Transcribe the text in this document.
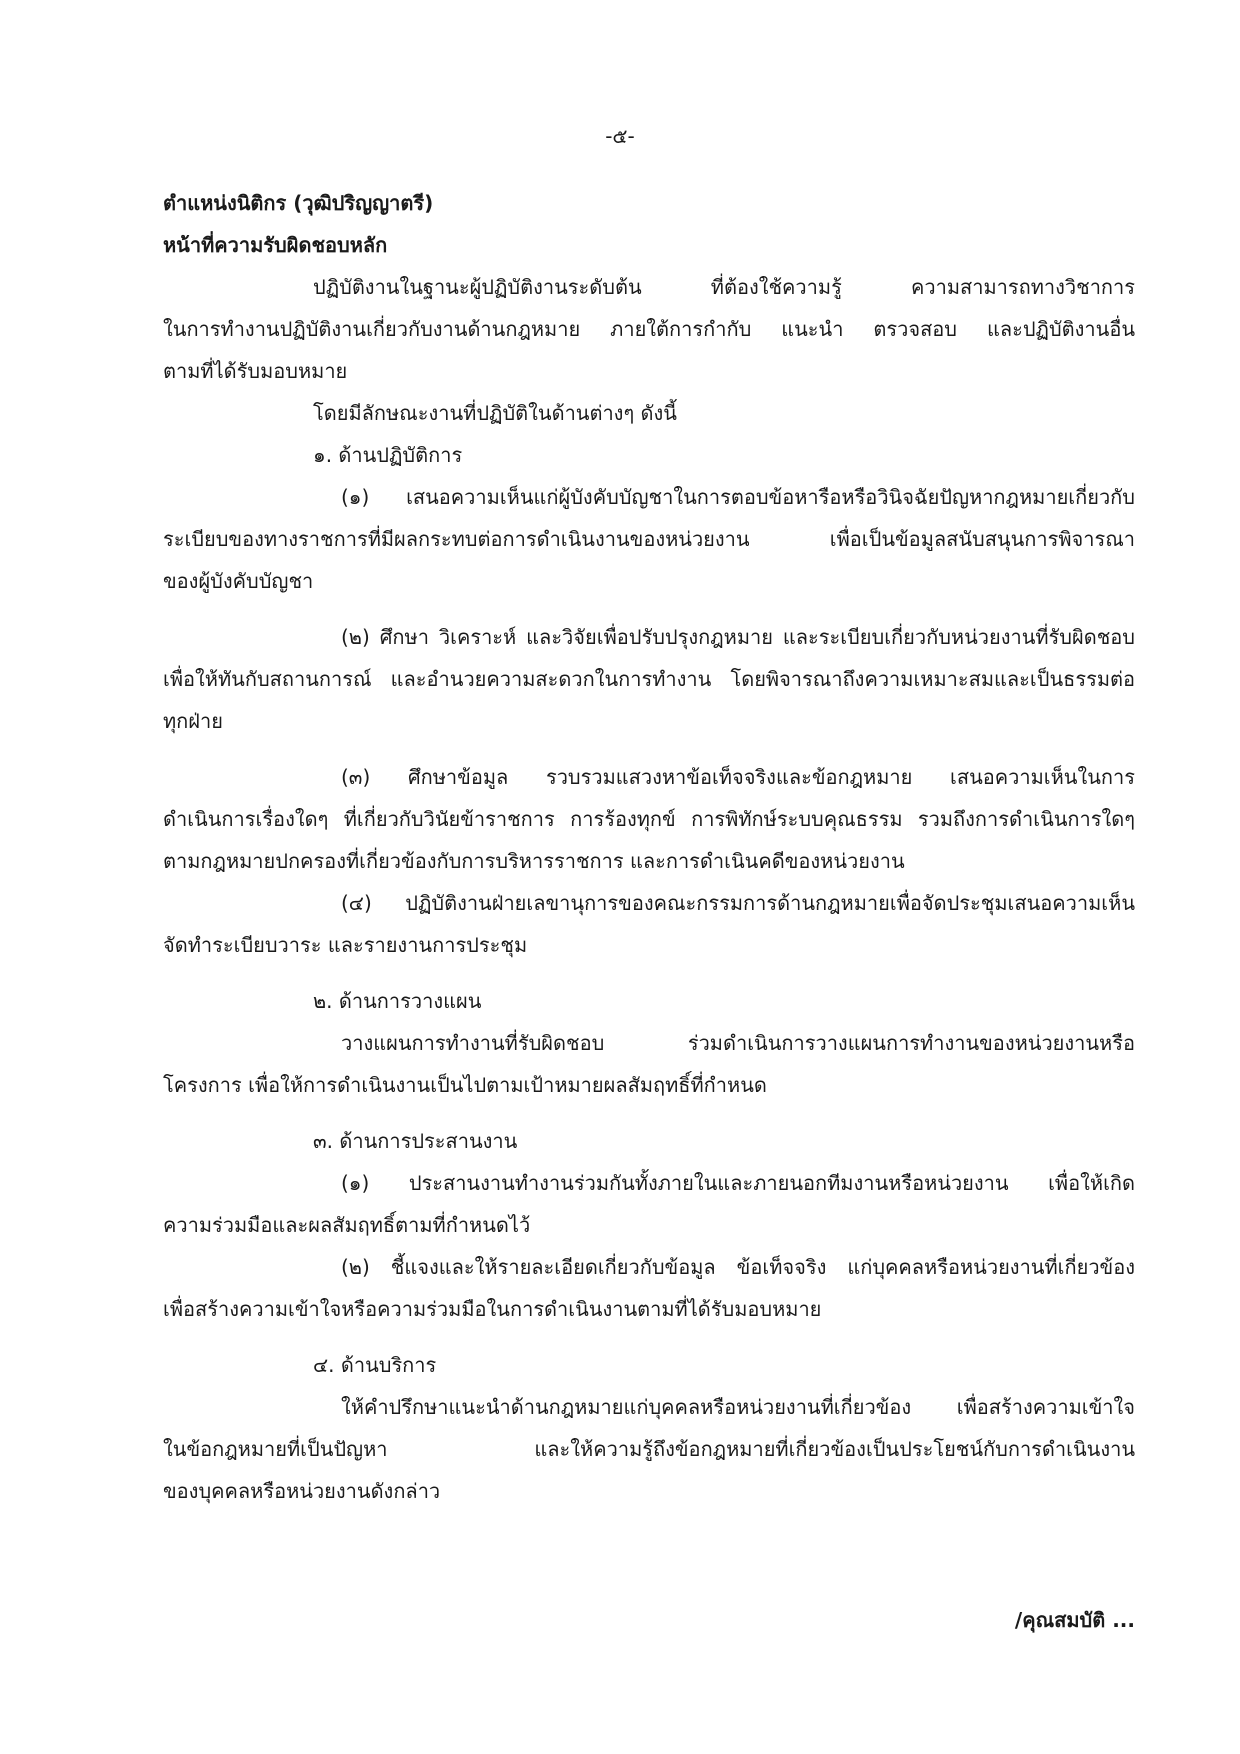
-๕-
ตำแหน่งนิติกร (วุฒิปริญญาตรี)
หน้าที่ความรับผิดชอบหลัก
ปฏิบัติงานในฐานะผู้ปฏิบัติงานระดับต้น ที่ต้องใช้ความรู้ ความสามารถทางวิชาการ
ในการทำงานปฏิบัติงานเกี่ยวกับงานด้านกฎหมาย ภายใต้การกำกับ แนะนำ ตรวจสอบ และปฏิบัติงานอื่น
ตามที่ได้รับมอบหมาย
โดยมีลักษณะงานที่ปฏิบัติในด้านต่างๆ ดังนี้
๑. ด้านปฏิบัติการ
(๑) เสนอความเห็นแก่ผู้บังคับบัญชาในการตอบข้อหารือหรือวินิจฉัยปัญหากฎหมายเกี่ยวกับ
ระเบียบของทางราชการที่มีผลกระทบต่อการดำเนินงานของหน่วยงาน เพื่อเป็นข้อมูลสนับสนุนการพิจารณา
ของผู้บังคับบัญชา
(๒) ศึกษา วิเคราะห์ และวิจัยเพื่อปรับปรุงกฎหมาย และระเบียบเกี่ยวกับหน่วยงานที่รับผิดชอบ
เพื่อให้ทันกับสถานการณ์ และอำนวยความสะดวกในการทำงาน โดยพิจารณาถึงความเหมาะสมและเป็นธรรมต่อ
ทุกฝ่าย
(๓) ศึกษาข้อมูล รวบรวมแสวงหาข้อเท็จจริงและข้อกฎหมาย เสนอความเห็นในการ
ดำเนินการเรื่องใดๆ ที่เกี่ยวกับวินัยข้าราชการ การร้องทุกข์ การพิทักษ์ระบบคุณธรรม รวมถึงการดำเนินการใดๆ
ตามกฎหมายปกครองที่เกี่ยวข้องกับการบริหารราชการ และการดำเนินคดีของหน่วยงาน
(๔) ปฏิบัติงานฝ่ายเลขานุการของคณะกรรมการด้านกฎหมายเพื่อจัดประชุมเสนอความเห็น
จัดทำระเบียบวาระ และรายงานการประชุม
๒. ด้านการวางแผน
วางแผนการทำงานที่รับผิดชอบ ร่วมดำเนินการวางแผนการทำงานของหน่วยงานหรือ
โครงการ เพื่อให้การดำเนินงานเป็นไปตามเป้าหมายผลสัมฤทธิ์ที่กำหนด
๓. ด้านการประสานงาน
(๑) ประสานงานทำงานร่วมกันทั้งภายในและภายนอกทีมงานหรือหน่วยงาน เพื่อให้เกิด
ความร่วมมือและผลสัมฤทธิ์ตามที่กำหนดไว้
(๒) ชี้แจงและให้รายละเอียดเกี่ยวกับข้อมูล ข้อเท็จจริง แก่บุคคลหรือหน่วยงานที่เกี่ยวข้อง
เพื่อสร้างความเข้าใจหรือความร่วมมือในการดำเนินงานตามที่ได้รับมอบหมาย
๔. ด้านบริการ
ให้คำปรึกษาแนะนำด้านกฎหมายแก่บุคคลหรือหน่วยงานที่เกี่ยวข้อง เพื่อสร้างความเข้าใจ
ในข้อกฎหมายที่เป็นปัญหา และให้ความรู้ถึงข้อกฎหมายที่เกี่ยวข้องเป็นประโยชน์กับการดำเนินงาน
ของบุคคลหรือหน่วยงานดังกล่าว
/คุณสมบัติ ...
